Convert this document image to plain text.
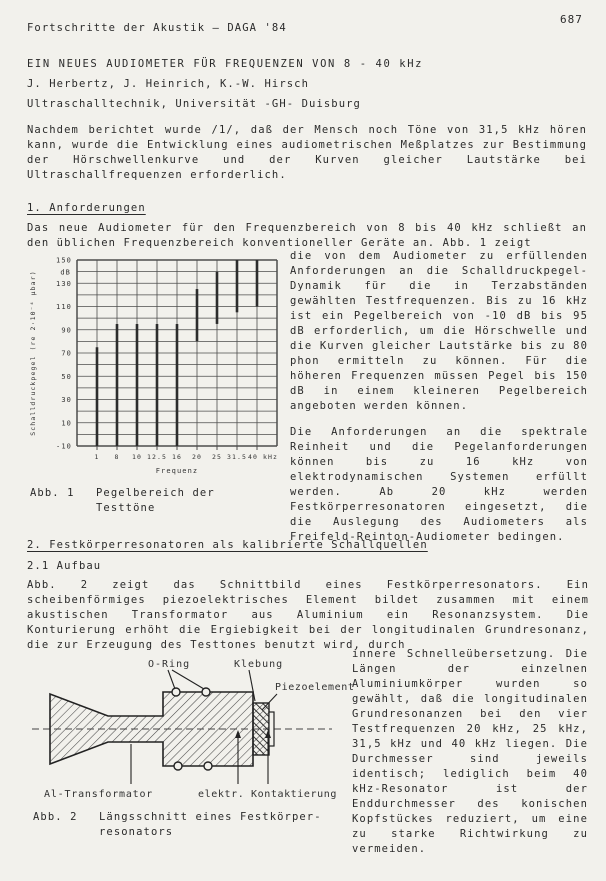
Fortschritte der Akustik – DAGA '84
687
EIN NEUES AUDIOMETER FÜR FREQUENZEN VON 8 - 40 kHz
J. Herbertz, J. Heinrich, K.-W. Hirsch
Ultraschalltechnik, Universität -GH- Duisburg
Nachdem berichtet wurde /1/, daß der Mensch noch Töne von 31,5 kHz hören kann, wurde die Entwicklung eines audiometrischen Meßplatzes zur Bestimmung der Hörschwellenkurve und der Kurven gleicher Lautstärke bei Ultraschallfrequenzen erforderlich.
1. Anforderungen
Das neue Audiometer für den Frequenzbereich von 8 bis 40 kHz schließt an den üblichen Frequenzbereich konventioneller Geräte an. Abb. 1 zeigt
150
130
110
90
70
50
30
10
-10
dB
1 8 10 12.5 16 20 25 31.5 40 kHz
Schalldruckpegel (re 2·10⁻⁴ μbar)
Frequenz
Abb. 1	Pegelbereich der
Testtöne

die von dem Audiometer zu erfüllenden Anforderungen an die Schalldruckpegel-Dynamik für die in Terzabständen gewählten Testfrequenzen. Bis zu 16 kHz ist ein Pegelbereich von -10 dB bis 95 dB erforderlich, um die Hörschwelle und die Kurven gleicher Lautstärke bis zu 80 phon ermitteln zu können. Für die höheren Frequenzen müssen Pegel bis 150 dB in einem kleineren Pegelbereich angeboten werden können.

Die Anforderungen an die spektrale Reinheit und die Pegelanforderungen können bis zu 16 kHz von elektrodynamischen Systemen erfüllt werden. Ab 20 kHz werden Festkörperresonatoren eingesetzt, die die Auslegung des Audiometers als Freifeld-Reinton-Audiometer bedingen.

2. Festkörperresonatoren als kalibrierte Schallquellen
2.1 Aufbau
Abb. 2 zeigt das Schnittbild eines Festkörperresonators. Ein scheibenförmiges piezoelektrisches Element bildet zusammen mit einem akustischen Transformator aus Aluminium ein Resonanzsystem. Die Konturierung erhöht die Ergiebigkeit bei der longitudinalen Grundresonanz, die zur Erzeugung des Testtones benutzt wird, durch
O-Ring	Klebung
Piezoelement
Al-Transformator	elektr. Kontaktierung
Abb. 2	Längsschnitt eines Festkörper-
resonators

innere Schnelleübersetzung. Die Längen der einzelnen Aluminiumkörper wurden so gewählt, daß die longitudinalen Grundresonanzen bei den vier Testfrequenzen 20 kHz, 25 kHz, 31,5 kHz und 40 kHz liegen. Die Durchmesser sind jeweils identisch; lediglich beim 40 kHz-Resonator ist der Enddurchmesser des konischen Kopfstückes reduziert, um eine zu starke Richtwirkung zu vermeiden.
